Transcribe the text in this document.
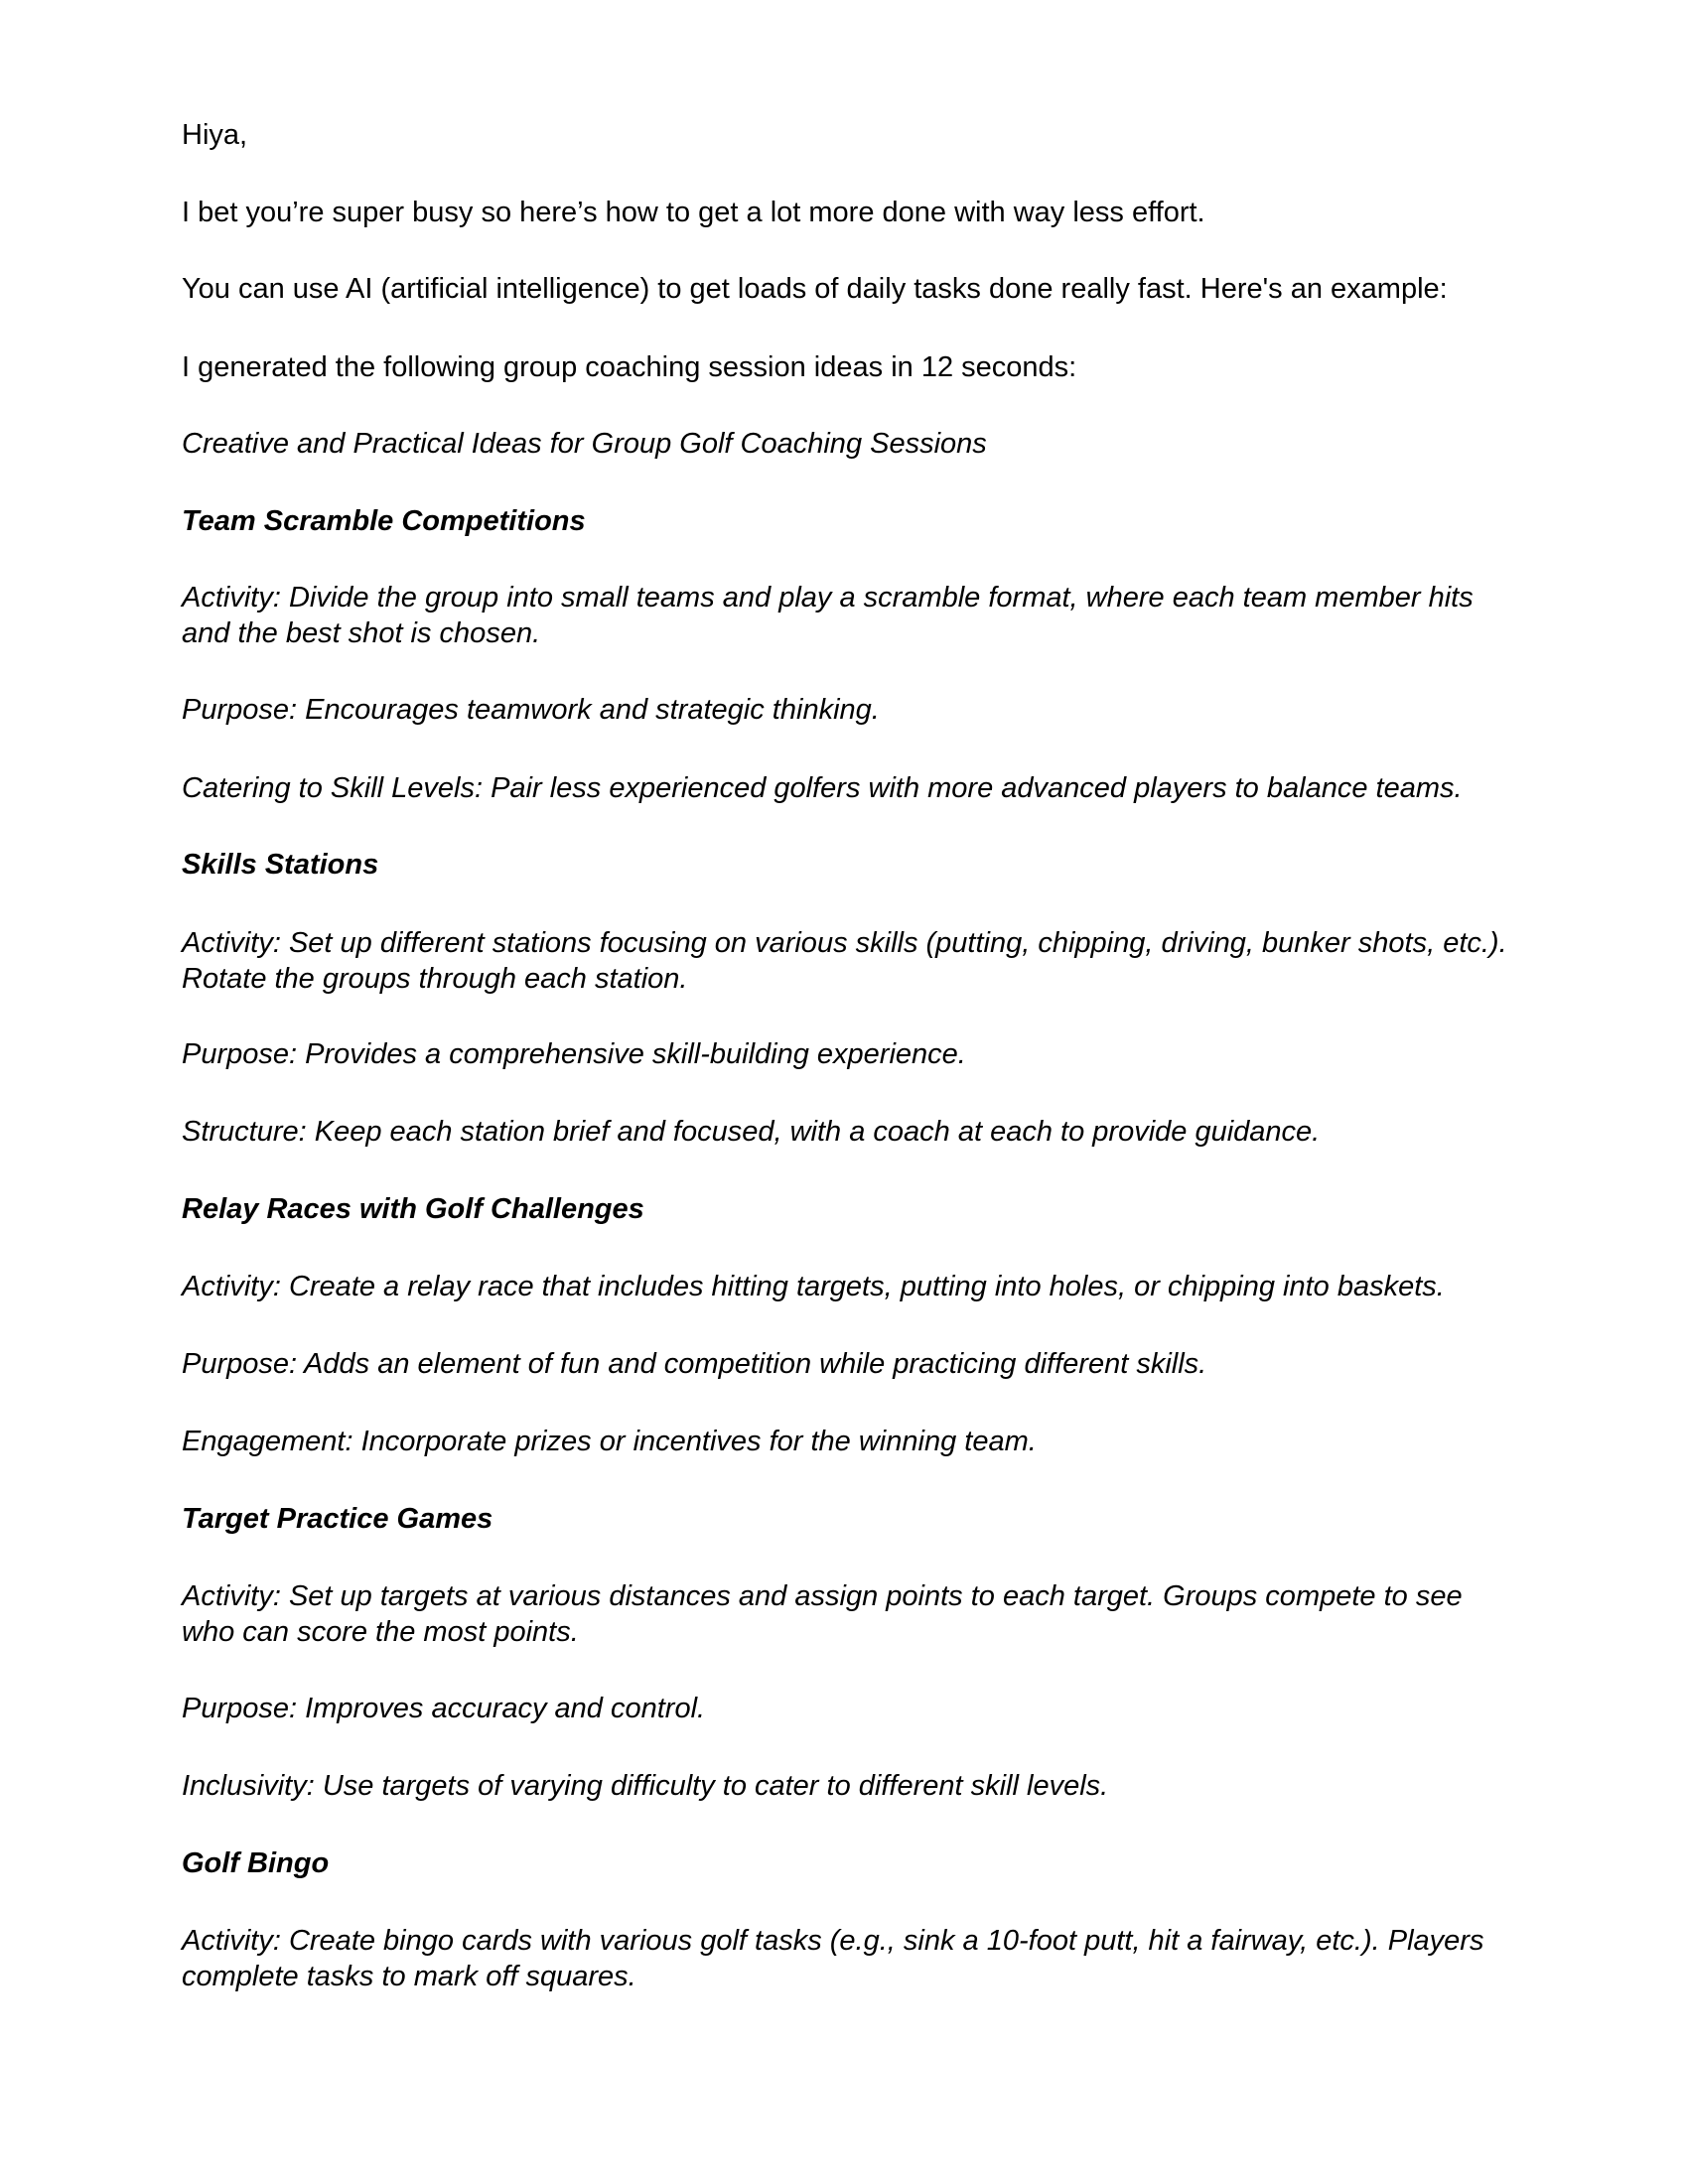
Hiya,

I bet you’re super busy so here’s how to get a lot more done with way less effort.

You can use AI (artificial intelligence) to get loads of daily tasks done really fast. Here's an example:

I generated the following group coaching session ideas in 12 seconds:

Creative and Practical Ideas for Group Golf Coaching Sessions

Team Scramble Competitions

Activity: Divide the group into small teams and play a scramble format, where each team member hits and the best shot is chosen.

Purpose: Encourages teamwork and strategic thinking.

Catering to Skill Levels: Pair less experienced golfers with more advanced players to balance teams.

Skills Stations

Activity: Set up different stations focusing on various skills (putting, chipping, driving, bunker shots, etc.). Rotate the groups through each station.

Purpose: Provides a comprehensive skill-building experience.

Structure: Keep each station brief and focused, with a coach at each to provide guidance.

Relay Races with Golf Challenges

Activity: Create a relay race that includes hitting targets, putting into holes, or chipping into baskets.

Purpose: Adds an element of fun and competition while practicing different skills.

Engagement: Incorporate prizes or incentives for the winning team.

Target Practice Games

Activity: Set up targets at various distances and assign points to each target. Groups compete to see who can score the most points.

Purpose: Improves accuracy and control.

Inclusivity: Use targets of varying difficulty to cater to different skill levels.

Golf Bingo

Activity: Create bingo cards with various golf tasks (e.g., sink a 10-foot putt, hit a fairway, etc.). Players complete tasks to mark off squares.
